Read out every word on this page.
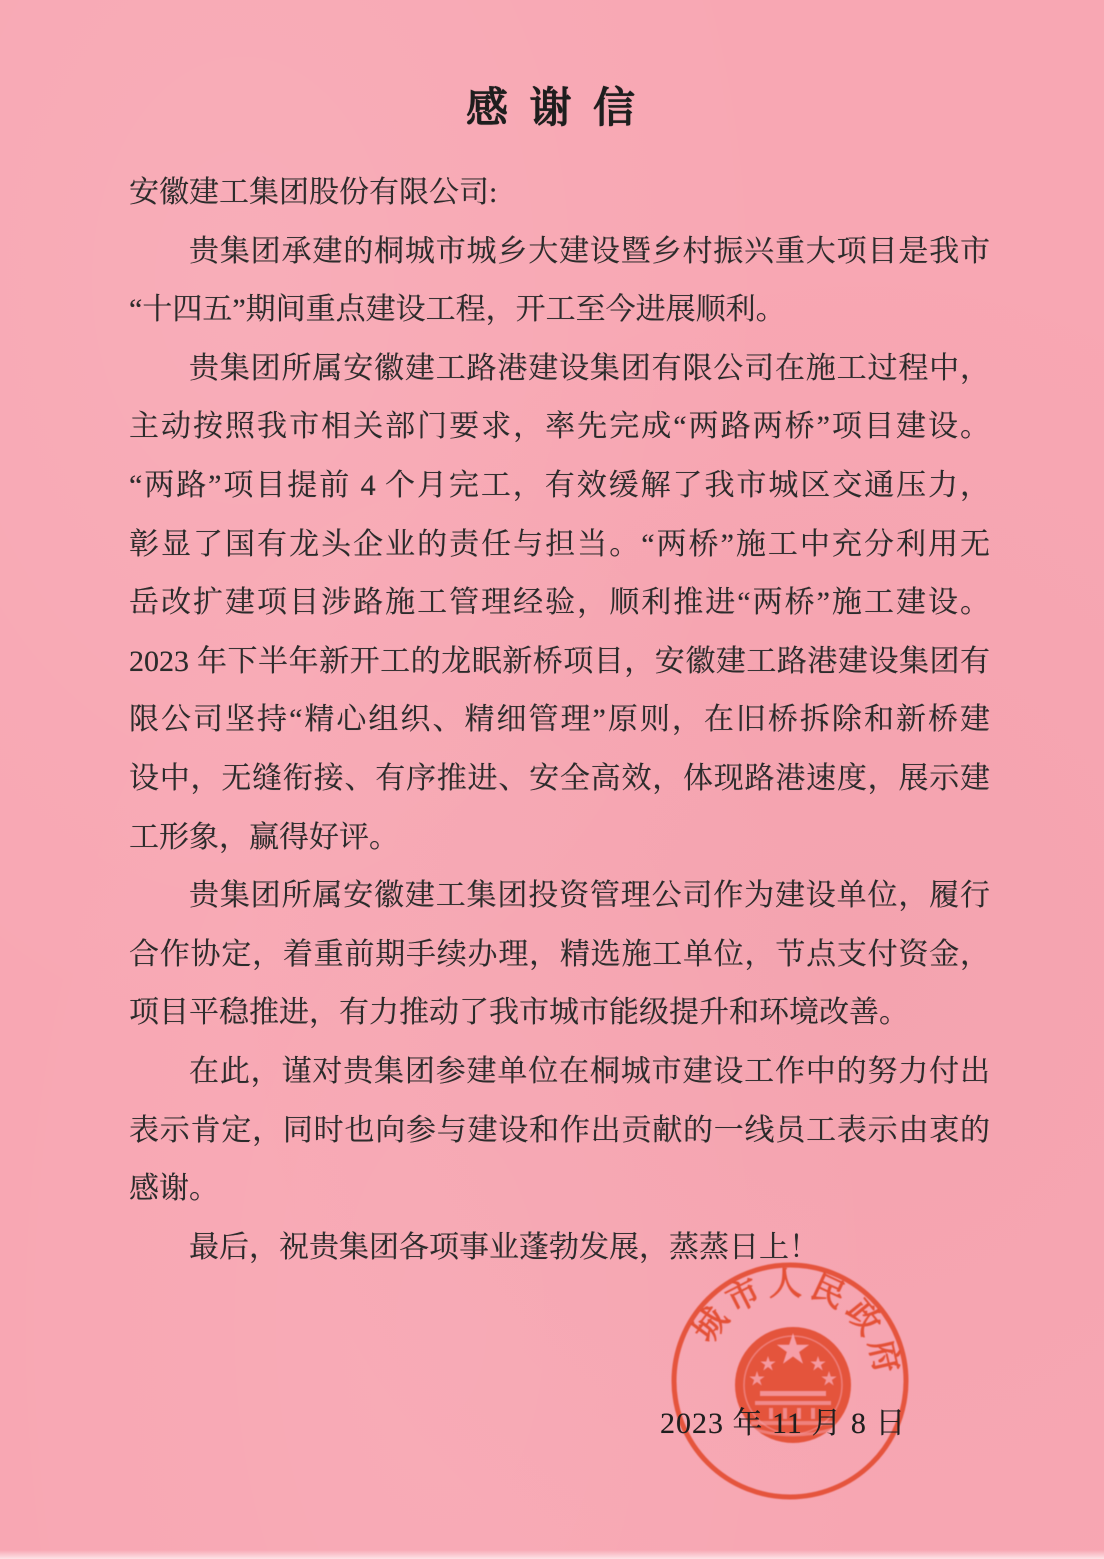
感 谢 信
安徽建工集团股份有限公司:
贵集团承建的桐城市城乡大建设暨乡村振兴重大项目是我市
“十四五”期间重点建设工程，开工至今进展顺利。
贵集团所属安徽建工路港建设集团有限公司在施工过程中，
主动按照我市相关部门要求，率先完成“两路两桥”项目建设。
“两路”项目提前 4 个月完工，有效缓解了我市城区交通压力，
彰显了国有龙头企业的责任与担当。“两桥”施工中充分利用无
岳改扩建项目涉路施工管理经验，顺利推进“两桥”施工建设。
2023 年下半年新开工的龙眠新桥项目，安徽建工路港建设集团有
限公司坚持“精心组织、精细管理”原则，在旧桥拆除和新桥建
设中，无缝衔接、有序推进、安全高效，体现路港速度，展示建
工形象，赢得好评。
贵集团所属安徽建工集团投资管理公司作为建设单位，履行
合作协定，着重前期手续办理，精选施工单位，节点支付资金，
项目平稳推进，有力推动了我市城市能级提升和环境改善。
在此，谨对贵集团参建单位在桐城市建设工作中的努力付出
表示肯定，同时也向参与建设和作出贡献的一线员工表示由衷的
感谢。
最后，祝贵集团各项事业蓬勃发展，蒸蒸日上！
城市人民政府
2023 年 11 月 8 日
